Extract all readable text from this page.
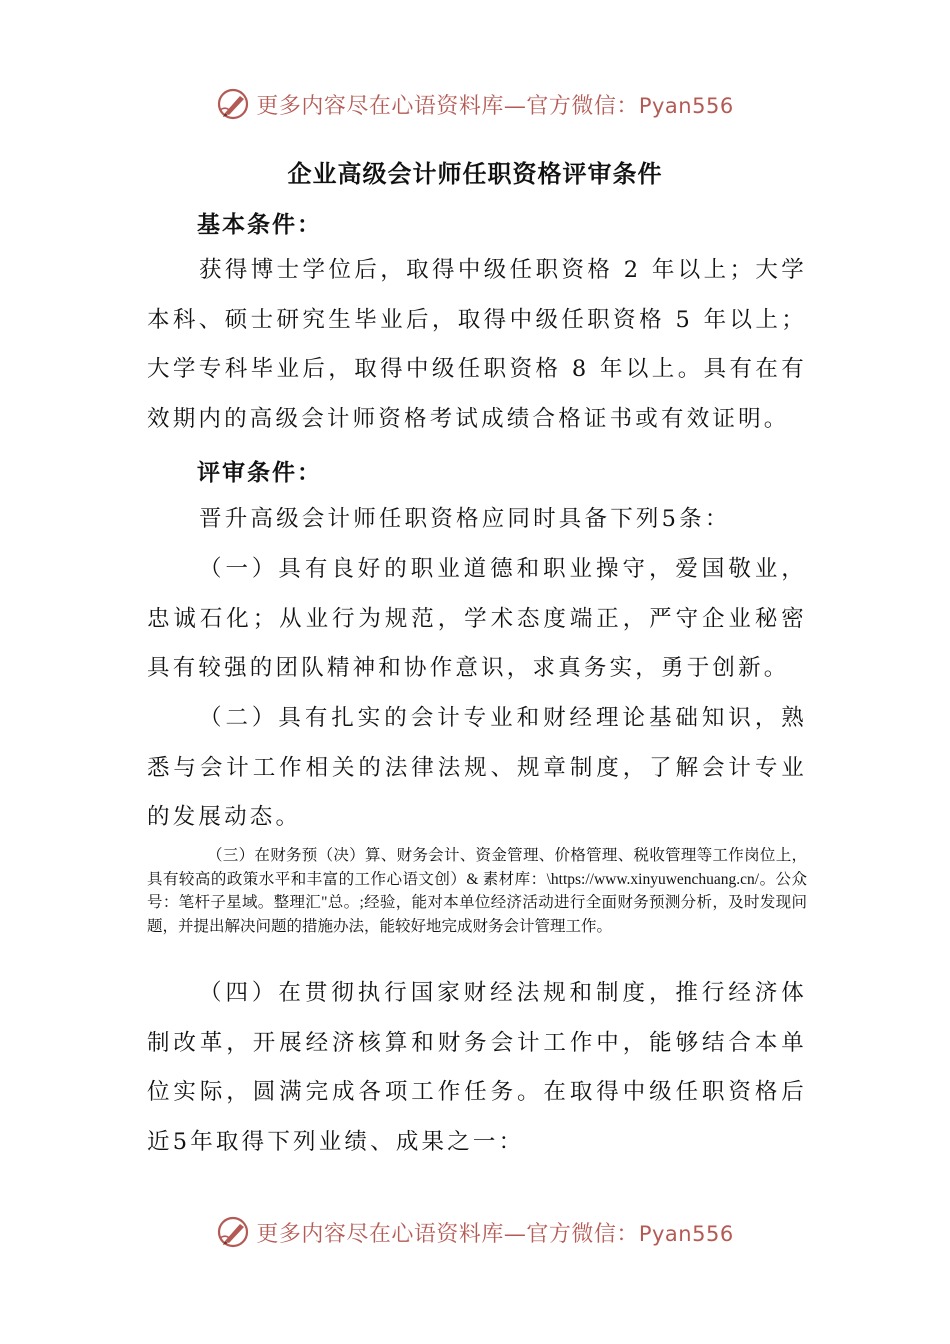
更多内容尽在心语资料库—官方微信：Pyan556
企业高级会计师任职资格评审条件
基本条件：

获得博士学位后，取得中级任职资格 2 年以上；大学本科、硕士研究生毕业后，取得中级任职资格 5 年以上；大学专科毕业后，取得中级任职资格 8 年以上。具有在有效期内的高级会计师资格考试成绩合格证书或有效证明。

评审条件：

晋升高级会计师任职资格应同时具备下列5条：

（一）具有良好的职业道德和职业操守，爱国敬业，忠诚石化；从业行为规范，学术态度端正，严守企业秘密具有较强的团队精神和协作意识，求真务实，勇于创新。

（二）具有扎实的会计专业和财经理论基础知识，熟悉与会计工作相关的法律法规、规章制度，了解会计专业的发展动态。

（三）在财务预（决）算、财务会计、资金管理、价格管理、税收管理等工作岗位上，具有较高的政策水平和丰富的工作心语文创）& 素材库：\https://www.xinyuwenchuang.cn/。公众号：笔杆子星域。整理汇"总。;经验，能对本单位经济活动进行全面财务预测分析，及时发现问题，并提出解决问题的措施办法，能较好地完成财务会计管理工作。

（四）在贯彻执行国家财经法规和制度，推行经济体制改革，开展经济核算和财务会计工作中，能够结合本单位实际，圆满完成各项工作任务。在取得中级任职资格后近5年取得下列业绩、成果之一：

更多内容尽在心语资料库—官方微信：Pyan556
